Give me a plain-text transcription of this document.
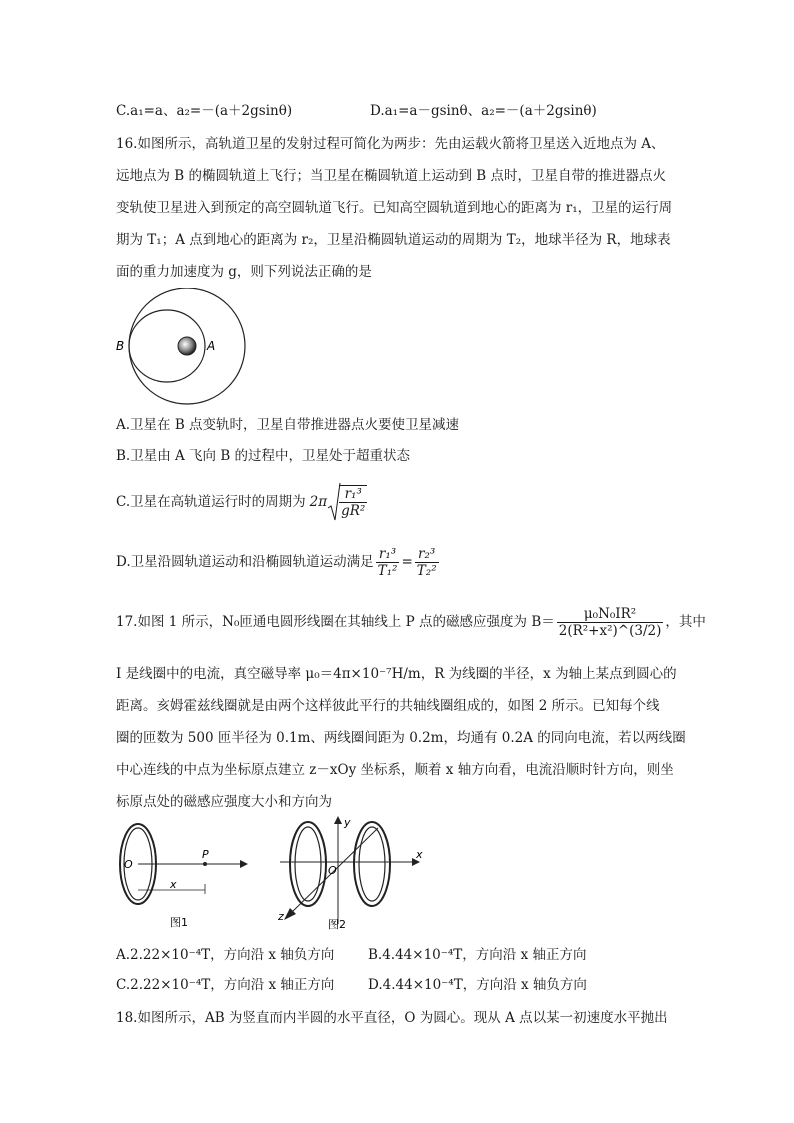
C.a₁=a、a₂=－(a＋2gsinθ)	D.a₁=a－gsinθ、a₂=－(a＋2gsinθ)
16.如图所示，高轨道卫星的发射过程可简化为两步：先由运载火箭将卫星送入近地点为 A、
远地点为 B 的椭圆轨道上飞行；当卫星在椭圆轨道上运动到 B 点时，卫星自带的推进器点火
变轨使卫星进入到预定的高空圆轨道飞行。已知高空圆轨道到地心的距离为 r₁，卫星的运行周
期为 T₁；A 点到地心的距离为 r₂，卫星沿椭圆轨道运动的周期为 T₂，地球半径为 R，地球表
面的重力加速度为 g，则下列说法正确的是
B	A
A.卫星在 B 点变轨时，卫星自带推进器点火要使卫星减速
B.卫星由 A 飞向 B 的过程中，卫星处于超重状态
C.卫星在高轨道运行时的周期为 $2\pi \frac{\text{r₁³}}{\text{gR²}}$
D.卫星沿圆轨道运动和沿椭圆轨道运动满足 $\frac{\text{r₁³}}{\text{T₁²}} = \frac{\text{r₂³}}{\text{T₂²}}$
17.如图 1 所示，N₀匝通电圆形线圈在其轴线上 P 点的磁感应强度为 $B= \frac{\text{μ₀N₀IR²}}{\text{2(R²+x²)\textasciicircum{}(3/2)}}$ ，其中
I 是线圈中的电流，真空磁导率 μ₀＝4π×10⁻⁷H/m，R 为线圈的半径，x 为轴上某点到圆心的
距离。亥姆霍兹线圈就是由两个这样彼此平行的共轴线圈组成的，如图 2 所示。已知每个线
圈的匝数为 500 匝半径为 0.1m、两线圈间距为 0.2m，均通有 0.2A 的同向电流，若以两线圈
中心连线的中点为坐标原点建立 z－xOy 坐标系，顺着 x 轴方向看，电流沿顺时针方向，则坐
标原点处的磁感应强度大小和方向为
O
P
x
图1
O
x
y
z
图2
A.2.22×10⁻⁴T，方向沿 x 轴负方向 B.4.44×10⁻⁴T，方向沿 x 轴正方向
C.2.22×10⁻⁴T，方向沿 x 轴正方向 D.4.44×10⁻⁴T，方向沿 x 轴负方向
18.如图所示，AB 为竖直而内半圆的水平直径，O 为圆心。现从 A 点以某一初速度水平抛出
